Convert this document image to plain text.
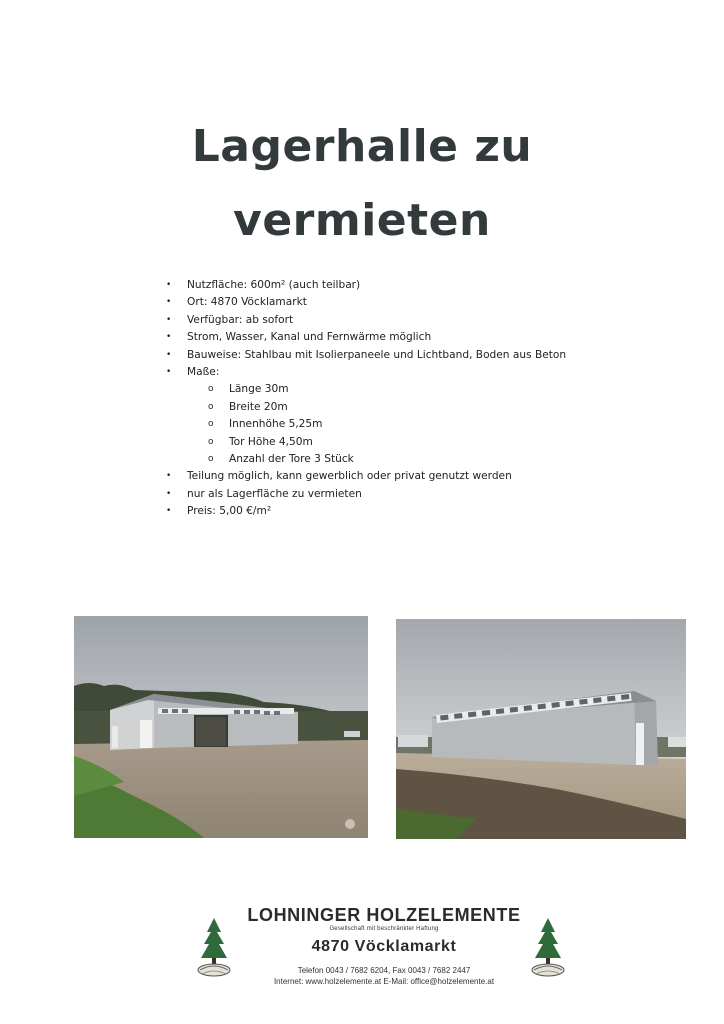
Lagerhalle zu
vermieten
• Nutzfläche: 600m² (auch teilbar)
• Ort: 4870 Vöcklamarkt
• Verfügbar: ab sofort
• Strom, Wasser, Kanal und Fernwärme möglich
• Bauweise: Stahlbau mit Isolierpaneele und Lichtband, Boden aus Beton
• Maße:
o Länge 30m
o Breite 20m
o Innenhöhe 5,25m
o Tor Höhe 4,50m
o Anzahl der Tore 3 Stück
• Teilung möglich, kann gewerblich oder privat genutzt werden
• nur als Lagerfläche zu vermieten
• Preis: 5,00 €/m²
LOHNINGER HOLZELEMENTE
Gesellschaft mit beschränkter Haftung
4870 Vöcklamarkt
Telefon 0043 / 7682 6204, Fax 0043 / 7682 2447
Internet: www.holzelemente.at E-Mail: office@holzelemente.at
